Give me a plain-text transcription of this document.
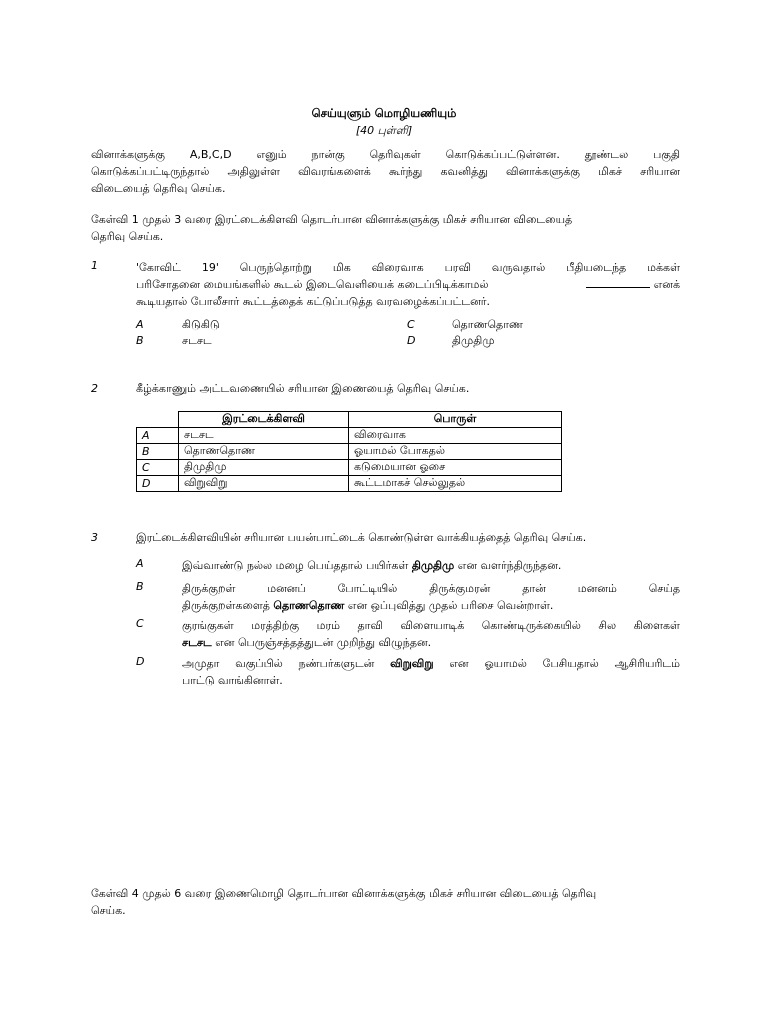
செய்யுளும் மொழியணியும்
[40 புள்ளி]
வினாக்களுக்கு A,B,C,D எனும் நான்கு தெரிவுகள் கொடுக்கப்பட்டுள்ளன. தூண்டல பகுதி
கொடுக்கப்பட்டிருந்தால் அதிலுள்ள விவரங்களைக் கூர்ந்து கவனித்து வினாக்களுக்கு மிகச் சரியான
விடையைத் தெரிவு செய்க.
கேள்வி 1 முதல் 3 வரை இரட்டைக்கிளவி தொடர்பான வினாக்களுக்கு மிகச் சரியான விடையைத்
தெரிவு செய்க.
1	'கோவிட் 19' பெருந்தொற்று மிக விரைவாக பரவி வருவதால் பீதியடைந்த மக்கள்
பரிசோதனை மையங்களில் கூடல் இடைவெளியைக் கடைப்பிடிக்காமல்	எனக்
கூடியதால் போலீசார் கூட்டத்தைக் கட்டுப்படுத்த வரவழைக்கப்பட்டனர்.
A	கிடுகிடு
B	சடசட
C	தொணதொண
D	திமுதிமு
2	கீழ்க்காணும் அட்டவணையில் சரியான இணையைத் தெரிவு செய்க.
	இரட்டைக்கிளவி	பொருள்
A	சடசட	விரைவாக
B	தொணதொண	ஓயாமல் போகதல்
C	திமுதிமு	கடுமையான ஓசை
D	விறுவிறு	கூட்டமாகச் செல்லுதல்
3	இரட்டைக்கிளவியின் சரியான பயன்பாட்டைக் கொண்டுள்ள வாக்கியத்தைத் தெரிவு செய்க.
A	இவ்வாண்டு நல்ல மழை பெய்ததால் பயிர்கள் திமுதிமு என வளர்ந்திருந்தன.
B	திருக்குறள் மனனப் போட்டியில் திருக்குமரன் தான் மனனம் செய்த
திருக்குறள்களைத் தொணதொண என ஒப்புவித்து முதல் பரிசை வென்றாள்.
C	குரங்குகள் மரத்திற்கு மரம் தாவி விளையாடிக் கொண்டிருக்கையில் சில கிளைகள்
சடசட என பெருஞ்சத்தத்துடன் முறிந்து விழுந்தன.
D	அமுதா வகுப்பில் நண்பர்களுடன் விறுவிறு என ஓயாமல் பேசியதால் ஆசிரியரிடம்
பாட்டு வாங்கினாள்.
கேள்வி 4 முதல் 6 வரை இணைமொழி தொடர்பான வினாக்களுக்கு மிகச் சரியான விடையைத் தெரிவு
செய்க.
